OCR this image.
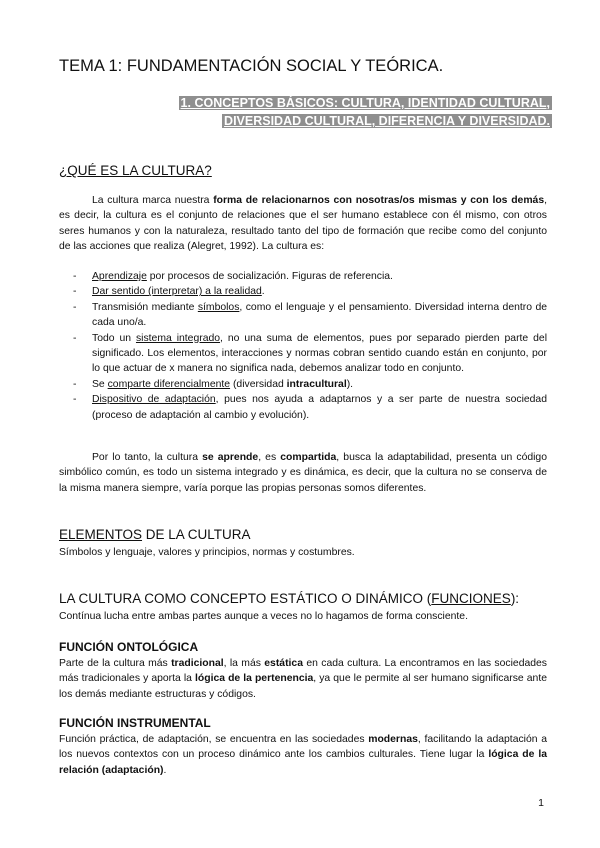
TEMA 1: FUNDAMENTACIÓN SOCIAL Y TEÓRICA.
1. CONCEPTOS BÁSICOS: CULTURA, IDENTIDAD CULTURAL,
DIVERSIDAD CULTURAL, DIFERENCIA Y DIVERSIDAD.
¿QUÉ ES LA CULTURA?

La cultura marca nuestra forma de relacionarnos con nosotras/os mismas y con los demás, es decir, la cultura es el conjunto de relaciones que el ser humano establece con él mismo, con otros seres humanos y con la naturaleza, resultado tanto del tipo de formación que recibe como del conjunto de las acciones que realiza (Alegret, 1992). La cultura es:

- Aprendizaje por procesos de socialización. Figuras de referencia.
- Dar sentido (interpretar) a la realidad.
- Transmisión mediante símbolos, como el lenguaje y el pensamiento. Diversidad interna dentro de cada uno/a.
- Todo un sistema integrado, no una suma de elementos, pues por separado pierden parte del significado. Los elementos, interacciones y normas cobran sentido cuando están en conjunto, por lo que actuar de x manera no significa nada, debemos analizar todo en conjunto.
- Se comparte diferencialmente (diversidad intracultural).
- Dispositivo de adaptación, pues nos ayuda a adaptarnos y a ser parte de nuestra sociedad (proceso de adaptación al cambio y evolución).

Por lo tanto, la cultura se aprende, es compartida, busca la adaptabilidad, presenta un código simbólico común, es todo un sistema integrado y es dinámica, es decir, que la cultura no se conserva de la misma manera siempre, varía porque las propias personas somos diferentes.

ELEMENTOS DE LA CULTURA

Símbolos y lenguaje, valores y principios, normas y costumbres.

LA CULTURA COMO CONCEPTO ESTÁTICO O DINÁMICO (FUNCIONES):

Contínua lucha entre ambas partes aunque a veces no lo hagamos de forma consciente.

FUNCIÓN ONTOLÓGICA

Parte de la cultura más tradicional, la más estática en cada cultura. La encontramos en las sociedades más tradicionales y aporta la lógica de la pertenencia, ya que le permite al ser humano significarse ante los demás mediante estructuras y códigos.

FUNCIÓN INSTRUMENTAL

Función práctica, de adaptación, se encuentra en las sociedades modernas, facilitando la adaptación a los nuevos contextos con un proceso dinámico ante los cambios culturales. Tiene lugar la lógica de la relación (adaptación).

1
